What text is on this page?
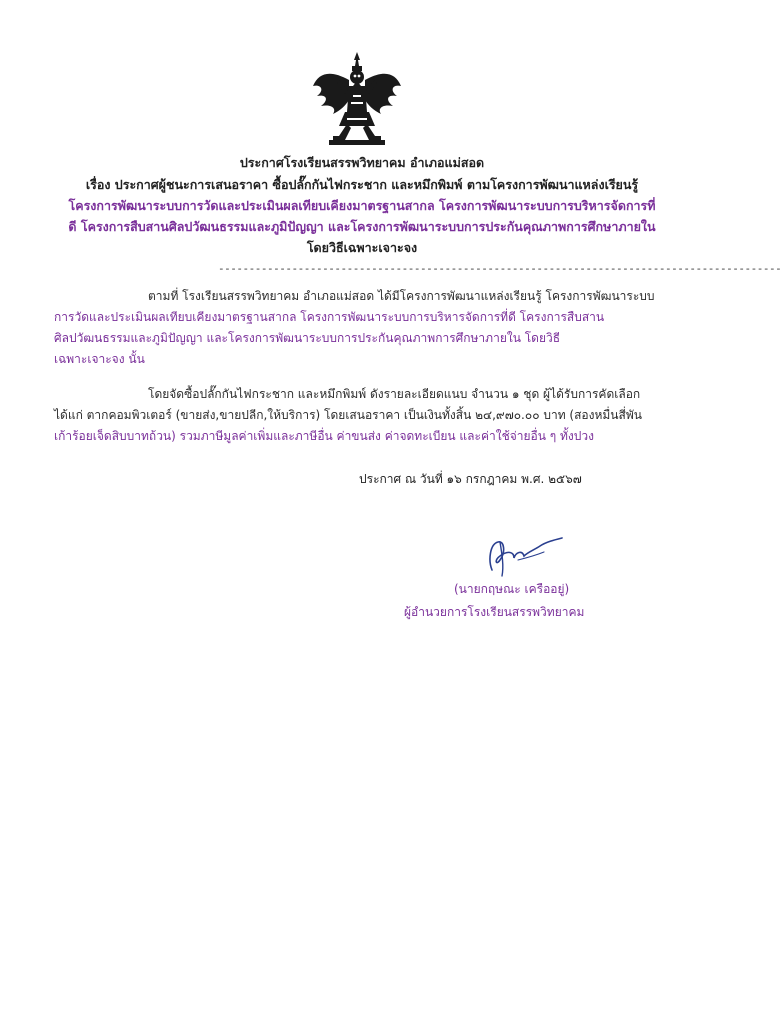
ประกาศโรงเรียนสรรพวิทยาคม อำเภอแม่สอด
เรื่อง ประกาศผู้ชนะการเสนอราคา ซื้อปลั๊กกันไฟกระชาก และหมึกพิมพ์ ตามโครงการพัฒนาแหล่งเรียนรู้
โครงการพัฒนาระบบการวัดและประเมินผลเทียบเคียงมาตรฐานสากล โครงการพัฒนาระบบการบริหารจัดการที่
ดี โครงการสืบสานศิลปวัฒนธรรมและภูมิปัญญา และโครงการพัฒนาระบบการประกันคุณภาพการศึกษาภายใน
โดยวิธีเฉพาะเจาะจง
--------------------------------------------------------------------------------------------
ตามที่ โรงเรียนสรรพวิทยาคม อำเภอแม่สอด ได้มีโครงการพัฒนาแหล่งเรียนรู้ โครงการพัฒนาระบบ
การวัดและประเมินผลเทียบเคียงมาตรฐานสากล โครงการพัฒนาระบบการบริหารจัดการที่ดี โครงการสืบสาน
ศิลปวัฒนธรรมและภูมิปัญญา และโครงการพัฒนาระบบการประกันคุณภาพการศึกษาภายใน โดยวิธี
เฉพาะเจาะจง นั้น
โดยจัดซื้อปลั๊กกันไฟกระชาก และหมึกพิมพ์ ดังรายละเอียดแนบ จำนวน ๑ ชุด ผู้ได้รับการคัดเลือก
ได้แก่ ตากคอมพิวเตอร์ (ขายส่ง,ขายปลีก,ให้บริการ) โดยเสนอราคา เป็นเงินทั้งสิ้น ๒๔,๙๗๐.๐๐ บาท (สองหมื่นสี่พัน
เก้าร้อยเจ็ดสิบบาทถ้วน) รวมภาษีมูลค่าเพิ่มและภาษีอื่น ค่าขนส่ง ค่าจดทะเบียน และค่าใช้จ่ายอื่น ๆ ทั้งปวง
ประกาศ ณ วันที่ ๑๖ กรกฎาคม พ.ศ. ๒๕๖๗
(นายกฤษณะ เครืออยู่)
ผู้อำนวยการโรงเรียนสรรพวิทยาคม
